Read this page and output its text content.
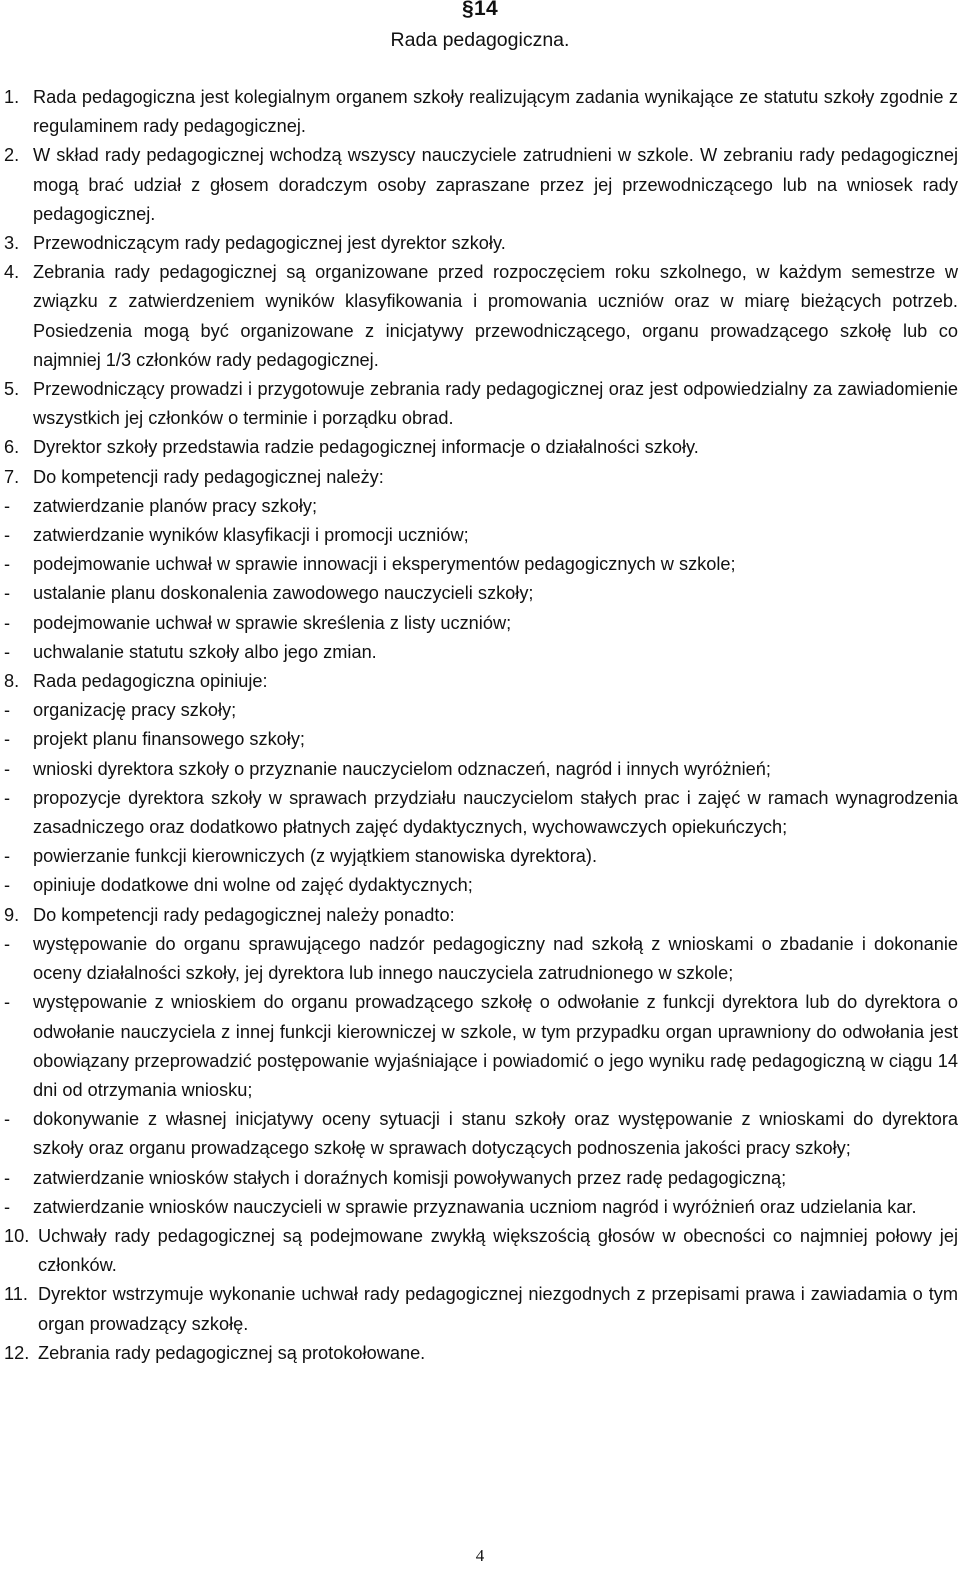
§14
Rada pedagogiczna.
1. Rada pedagogiczna jest kolegialnym organem szkoły realizującym zadania wynikające ze statutu szkoły zgodnie z regulaminem rady pedagogicznej.
2. W skład rady pedagogicznej wchodzą wszyscy nauczyciele zatrudnieni w szkole. W zebraniu rady pedagogicznej mogą brać udział z głosem doradczym osoby zapraszane przez jej przewodniczącego lub na wniosek rady pedagogicznej.
3. Przewodniczącym rady pedagogicznej jest dyrektor szkoły.
4. Zebrania rady pedagogicznej są organizowane przed rozpoczęciem roku szkolnego, w każdym semestrze w związku z zatwierdzeniem wyników klasyfikowania i promowania uczniów oraz w miarę bieżących potrzeb. Posiedzenia mogą być organizowane z inicjatywy przewodniczącego, organu prowadzącego szkołę lub co najmniej 1/3 członków rady pedagogicznej.
5. Przewodniczący prowadzi i przygotowuje zebrania rady pedagogicznej oraz jest odpowiedzialny za zawiadomienie wszystkich jej członków o terminie i porządku obrad.
6. Dyrektor szkoły przedstawia radzie pedagogicznej informacje o działalności szkoły.
7. Do kompetencji rady pedagogicznej należy:
- zatwierdzanie planów pracy szkoły;
- zatwierdzanie wyników klasyfikacji i promocji uczniów;
- podejmowanie uchwał w sprawie innowacji i eksperymentów pedagogicznych w szkole;
- ustalanie planu doskonalenia zawodowego nauczycieli szkoły;
- podejmowanie uchwał w sprawie skreślenia z listy uczniów;
- uchwalanie statutu szkoły albo jego zmian.
8. Rada pedagogiczna opiniuje:
- organizację pracy szkoły;
- projekt planu finansowego szkoły;
- wnioski dyrektora szkoły o przyznanie nauczycielom odznaczeń, nagród i innych wyróżnień;
- propozycje dyrektora szkoły w sprawach przydziału nauczycielom stałych prac i zajęć w ramach wynagrodzenia zasadniczego oraz dodatkowo płatnych zajęć dydaktycznych, wychowawczych opiekuńczych;
- powierzanie funkcji kierowniczych (z wyjątkiem stanowiska dyrektora).
- opiniuje dodatkowe dni wolne od zajęć dydaktycznych;
9. Do kompetencji rady pedagogicznej należy ponadto:
- występowanie do organu sprawującego nadzór pedagogiczny nad szkołą z wnioskami o zbadanie i dokonanie oceny działalności szkoły, jej dyrektora lub innego nauczyciela zatrudnionego w szkole;
- występowanie z wnioskiem do organu prowadzącego szkołę o odwołanie z funkcji dyrektora lub do dyrektora o odwołanie nauczyciela z innej funkcji kierowniczej w szkole, w tym przypadku organ uprawniony do odwołania jest obowiązany przeprowadzić postępowanie wyjaśniające i powiadomić o jego wyniku radę pedagogiczną w ciągu 14 dni od otrzymania wniosku;
- dokonywanie z własnej inicjatywy oceny sytuacji i stanu szkoły oraz występowanie z wnioskami do dyrektora szkoły oraz organu prowadzącego szkołę w sprawach dotyczących podnoszenia jakości pracy szkoły;
- zatwierdzanie wniosków stałych i doraźnych komisji powoływanych przez radę pedagogiczną;
- zatwierdzanie wniosków nauczycieli w sprawie przyznawania uczniom nagród i wyróżnień oraz udzielania kar.
10. Uchwały rady pedagogicznej są podejmowane zwykłą większością głosów w obecności co najmniej połowy jej członków.
11. Dyrektor wstrzymuje wykonanie uchwał rady pedagogicznej niezgodnych z przepisami prawa i zawiadamia o tym organ prowadzący szkołę.
12. Zebrania rady pedagogicznej są protokołowane.
4
